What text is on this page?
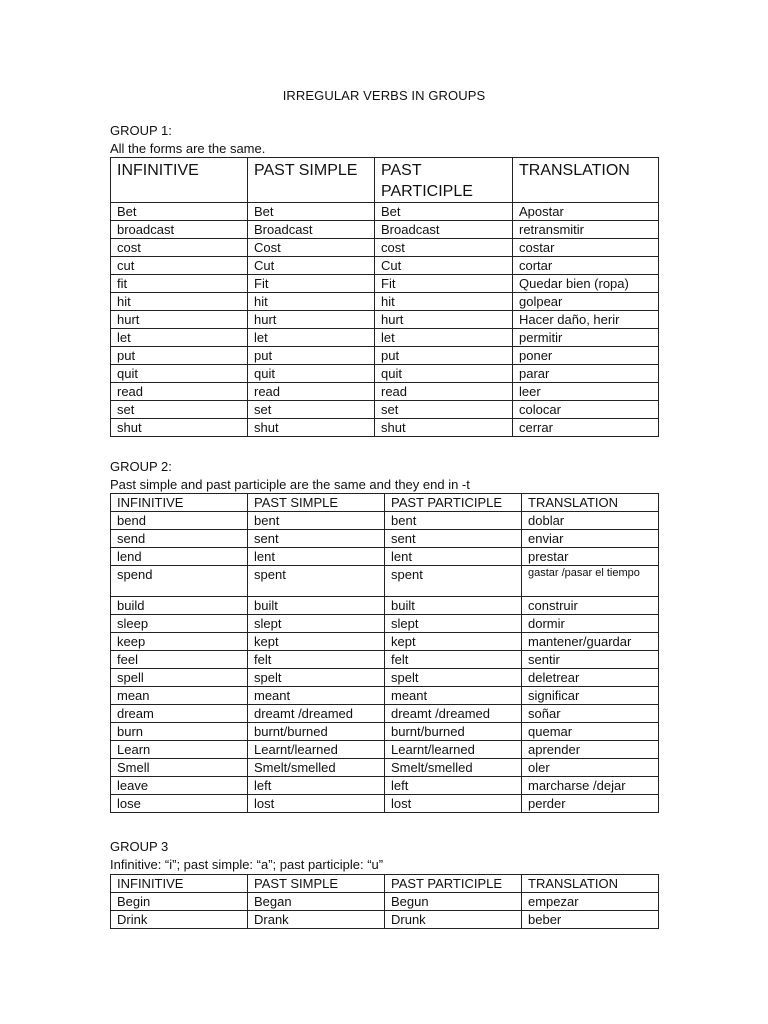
IRREGULAR VERBS IN GROUPS
GROUP 1:
All the forms are the same.
INFINITIVE	PAST SIMPLE	PAST PARTICIPLE	TRANSLATION
Bet	Bet	Bet	Apostar
broadcast	Broadcast	Broadcast	retransmitir
cost	Cost	cost	costar
cut	Cut	Cut	cortar
fit	Fit	Fit	Quedar bien (ropa)
hit	hit	hit	golpear
hurt	hurt	hurt	Hacer daño, herir
let	let	let	permitir
put	put	put	poner
quit	quit	quit	parar
read	read	read	leer
set	set	set	colocar
shut	shut	shut	cerrar
GROUP 2:
Past simple and past participle are the same and they end in -t
INFINITIVE	PAST SIMPLE	PAST PARTICIPLE	TRANSLATION
bend	bent	bent	doblar
send	sent	sent	enviar
lend	lent	lent	prestar
spend	spent	spent	gastar /pasar el tiempo
build	built	built	construir
sleep	slept	slept	dormir
keep	kept	kept	mantener/guardar
feel	felt	felt	sentir
spell	spelt	spelt	deletrear
mean	meant	meant	significar
dream	dreamt /dreamed	dreamt /dreamed	soñar
burn	burnt/burned	burnt/burned	quemar
Learn	Learnt/learned	Learnt/learned	aprender
Smell	Smelt/smelled	Smelt/smelled	oler
leave	left	left	marcharse /dejar
lose	lost	lost	perder
GROUP 3
Infinitive: “i”; past simple: “a”; past participle: “u”
INFINITIVE	PAST SIMPLE	PAST PARTICIPLE	TRANSLATION
Begin	Began	Begun	empezar
Drink	Drank	Drunk	beber
